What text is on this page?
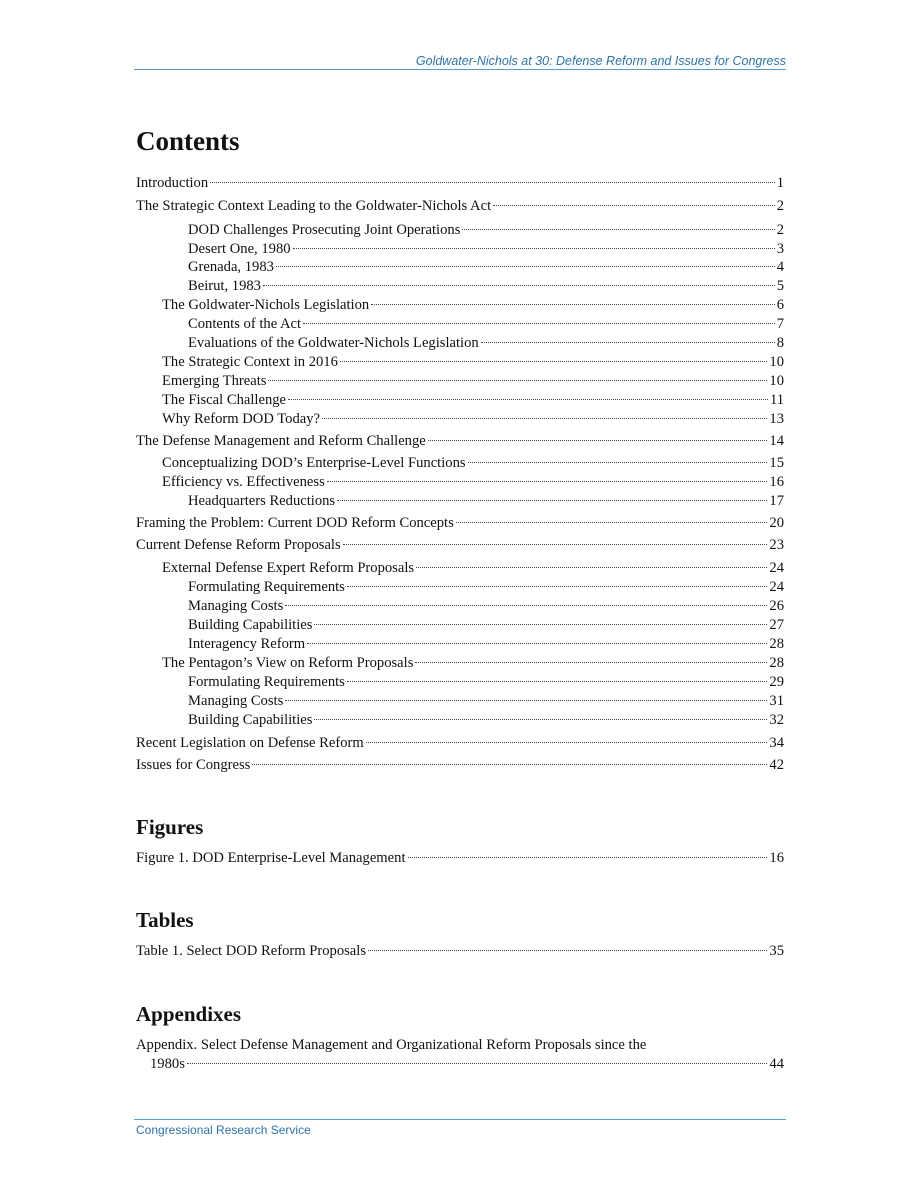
Goldwater-Nichols at 30: Defense Reform and Issues for Congress
Contents
Introduction	1
The Strategic Context Leading to the Goldwater-Nichols Act	2
DOD Challenges Prosecuting Joint Operations	2
Desert One, 1980	3
Grenada, 1983	4
Beirut, 1983	5
The Goldwater-Nichols Legislation	6
Contents of the Act	7
Evaluations of the Goldwater-Nichols Legislation	8
The Strategic Context in 2016	10
Emerging Threats	10
The Fiscal Challenge	11
Why Reform DOD Today?	13
The Defense Management and Reform Challenge	14
Conceptualizing DOD’s Enterprise-Level Functions	15
Efficiency vs. Effectiveness	16
Headquarters Reductions	17
Framing the Problem: Current DOD Reform Concepts	20
Current Defense Reform Proposals	23
External Defense Expert Reform Proposals	24
Formulating Requirements	24
Managing Costs	26
Building Capabilities	27
Interagency Reform	28
The Pentagon’s View on Reform Proposals	28
Formulating Requirements	29
Managing Costs	31
Building Capabilities	32
Recent Legislation on Defense Reform	34
Issues for Congress	42
Figures
Figure 1. DOD Enterprise-Level Management	16
Tables
Table 1. Select DOD Reform Proposals	35
Appendixes
Appendix. Select Defense Management and Organizational Reform Proposals since the
1980s	44
Congressional Research Service
